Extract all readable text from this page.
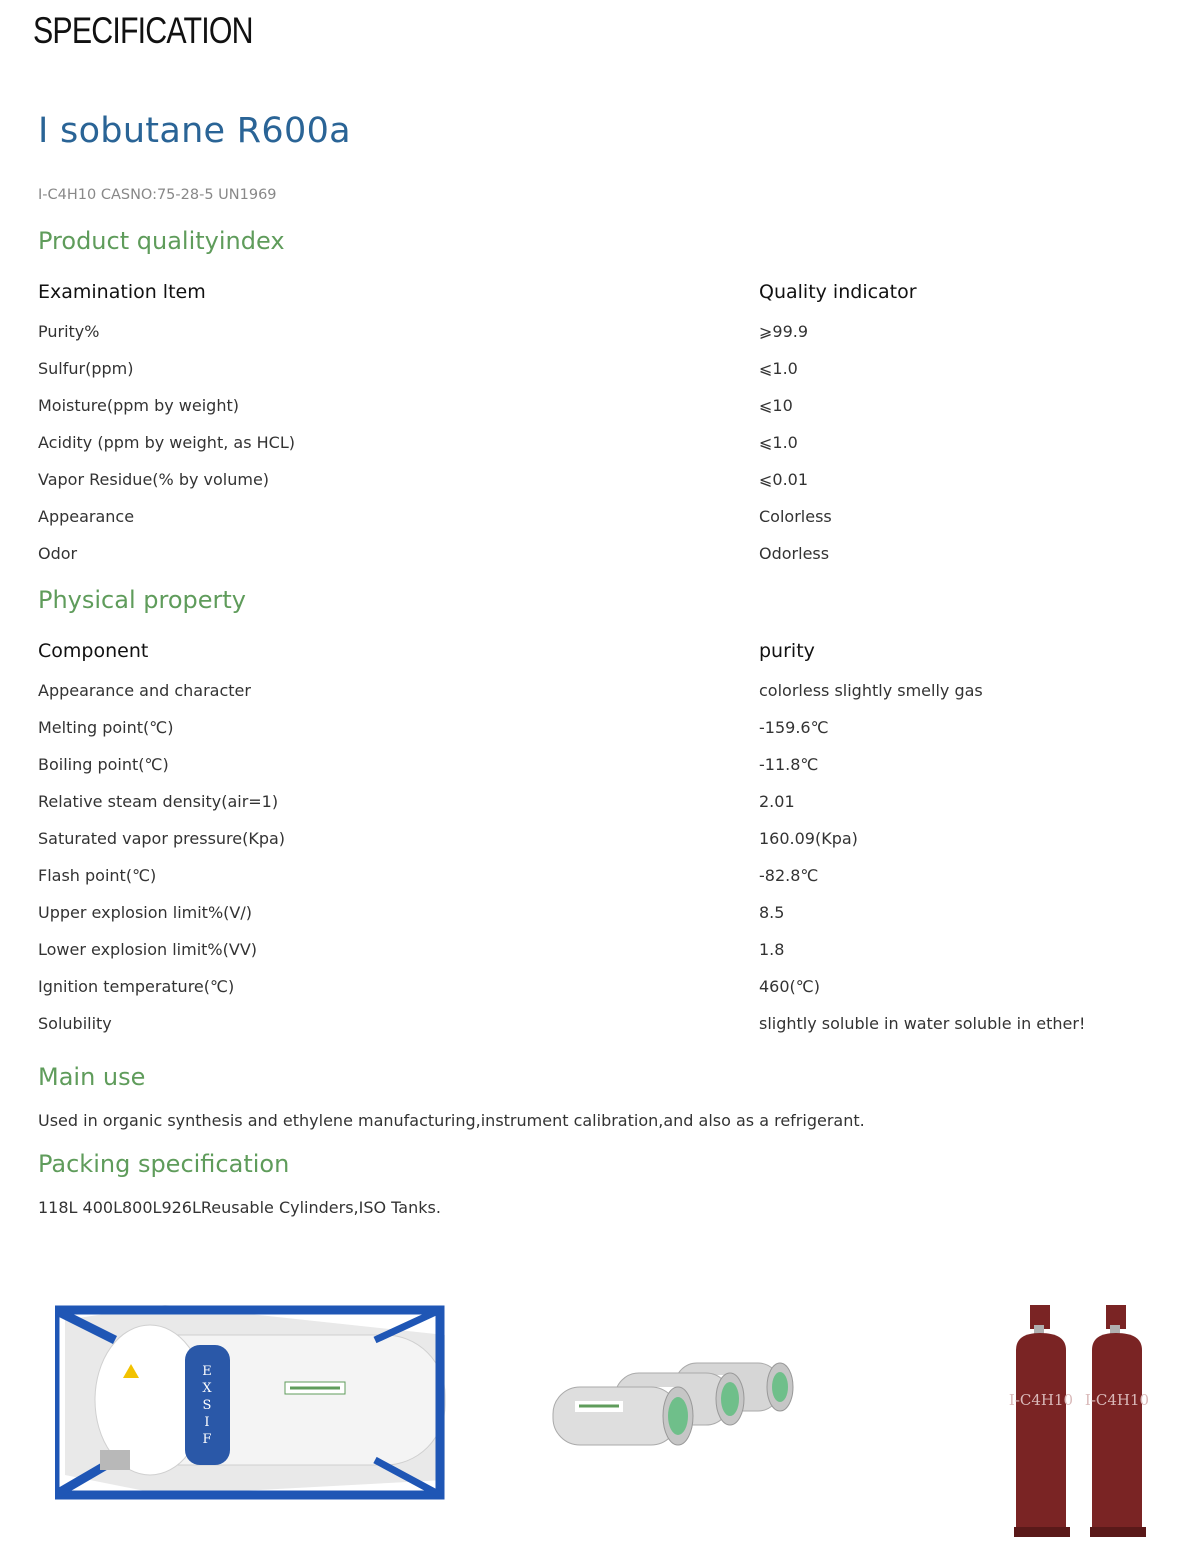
SPECIFICATION
I sobutane R600a
I-C4H10 CASNO:75-28-5 UN1969
Product qualityindex
Examination ltem	Quality indicator
Purity%	⩾99.9
Sulfur(ppm)	⩽1.0
Moisture(ppm by weight)	⩽10
Acidity (ppm by weight, as HCL)	⩽1.0
Vapor Residue(% by volume)	⩽0.01
Appearance	Colorless
Odor	Odorless
Physical property
Component	purity
Appearance and character	colorless slightly smelly gas
Melting point(℃)	-159.6℃
Boiling point(℃)	-11.8℃
Relative steam density(air=1)	2.01
Saturated vapor pressure(Kpa)	160.09(Kpa)
Flash point(℃)	-82.8℃
Upper explosion limit%(V/)	8.5
Lower explosion limit%(VV)	1.8
Ignition temperature(℃)	460(℃)
Solubility	slightly soluble in water soluble in ether!
Main use
Used in organic synthesis and ethylene manufacturing,instrument calibration,and also as a refrigerant.
Packing specification
118L 400L800L926LReusable Cylinders,ISO Tanks.
E
X
S
I
F
I-C4H10 I-C4H10
